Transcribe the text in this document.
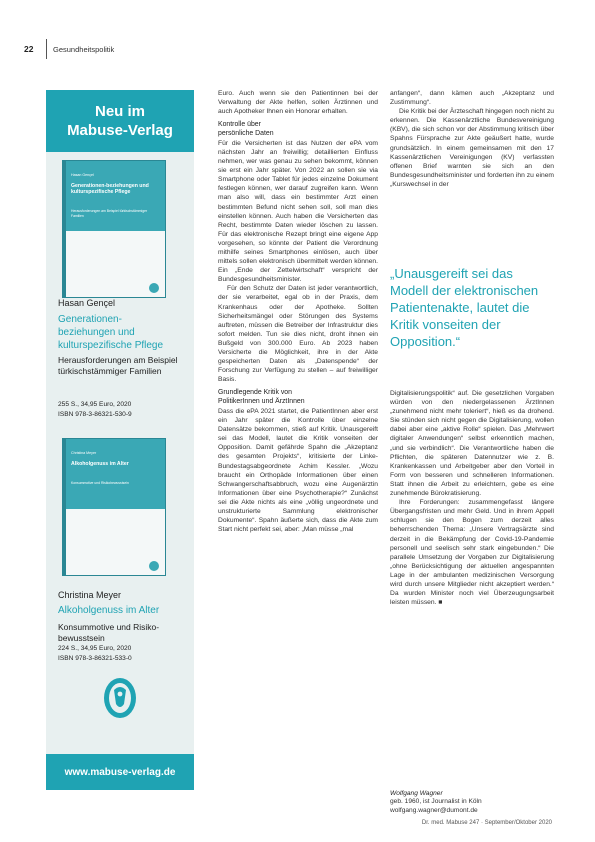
22	Gesundheitspolitik
Neu im
Mabuse-Verlag
Hasan Gençel
Generationen-beziehungen und kulturspezifische Pflege
Herausforderungen am Beispiel türkischstämmiger Familien
Hasan Gençel
Generationen-
beziehungen und
kulturspezifische Pflege
Herausforderungen am Beispiel türkischstämmiger Familien
255 S., 34,95 Euro, 2020
ISBN 978-3-86321-530-9
Christina Meyer
Alkoholgenuss im Alter
Konsummotive und Risikobewusstsein
Christina Meyer
Alkoholgenuss im Alter
Konsummotive und Risiko-bewusstsein
224 S., 34,95 Euro, 2020
ISBN 978-3-86321-533-0
www.mabuse-verlag.de

Euro. Auch wenn sie den Patientinnen bei der Verwaltung der Akte helfen, sollen Ärztinnen und auch Apotheker Ihnen ein Honorar erhalten.

Kontrolle über
persönliche Daten

Für die Versicherten ist das Nutzen der ePA vom nächsten Jahr an freiwillig; detaillierten Einfluss nehmen, wer was genau zu sehen bekommt, können sie erst ein Jahr später. Von 2022 an sollen sie via Smartphone oder Tablet für jedes einzelne Dokument festlegen können, wer darauf zugreifen kann. Wenn man also will, dass ein bestimmter Arzt einen bestimmten Befund nicht sehen soll, soll man dies einstellen können. Auch haben die Versicherten das Recht, bestimmte Daten wieder löschen zu lassen. Für das elektronische Rezept bringt eine eigene App vorgesehen, so könnte der Patient die Verordnung mithilfe seines Smartphones einlösen, auch über mittels sollen elektronisch übermittelt werden können. Ein „Ende der Zettelwirtschaft“ verspricht der Bundesgesundheitsminister.

Für den Schutz der Daten ist jeder verantwortlich, der sie verarbeitet, egal ob in der Praxis, dem Krankenhaus oder der Apotheke. Sollten Sicherheitsmängel oder Störungen des Systems auftreten, müssen die Betreiber der Infrastruktur dies sofort melden. Tun sie dies nicht, droht ihnen ein Bußgeld von 300.000 Euro. Ab 2023 haben Versicherte die Möglichkeit, ihre in der Akte gespeicherten Daten als „Datenspende“ der Forschung zur Verfügung zu stellen – auf freiwilliger Basis.

Grundlegende Kritik von
PolitikerInnen und ÄrztInnen

Dass die ePA 2021 startet, die PatientInnen aber erst ein Jahr später die Kontrolle über einzelne Datensätze bekommen, stieß auf Kritik. Unausgereift sei das Modell, lautet die Kritik vonseiten der Opposition. Damit gefährde Spahn die „Akzeptanz des gesamten Projekts“, kritisierte der Linke-Bundestagsabgeordnete Achim Kessler. „Wozu braucht ein Orthopäde Informationen über einen Schwangerschaftsabbruch, wozu eine Augenärztin Informationen über eine Psychotherapie?“ Zunächst sei die Akte nichts als eine „völlig ungeordnete und unstrukturierte Sammlung elektronischer Dokumente“. Spahn äußerte sich, dass die Akte zum Start nicht perfekt sei, aber: „Man müsse „mal

anfangen“, dann kämen auch „Akzeptanz und Zustimmung“.

Die Kritik bei der Ärzteschaft hingegen noch nicht zu erkennen. Die Kassenärztliche Bundesvereinigung (KBV), die sich schon vor der Abstimmung kritisch über Spahns Fürsprache zur Akte geäußert hatte, wurde grundsätzlich. In einem gemeinsamen mit den 17 Kassenärztlichen Vereinigungen (KV) verfassten offenen Brief warnten sie sich an den Bundesgesundheitsminister und forderten ihn zu einem „Kurswechsel in der

„Unausgereift sei das Modell der elektronischen Patientenakte, lautet die Kritik vonseiten der Opposition.“

Digitalisierungspolitik“ auf. Die gesetzlichen Vorgaben würden von den niedergelassenen ÄrztInnen „zunehmend nicht mehr toleriert“, hieß es da drohend. Sie stünden sich nicht gegen die Digitalisierung, wollen dabei aber eine „aktive Rolle“ spielen. Das „Mehrwert digitaler Anwendungen“ selbst erkenntlich machen, „und sie verbindlich“. Die Verantwortliche haben die Pflichten, die späteren Datennutzer wie z. B. Krankenkassen und Arbeitgeber aber den Vorteil in Form von besseren und schnelleren Informationen. Statt ihnen die Arbeit zu erleichtern, gebe es eine zunehmende Bürokratisierung.

Ihre Forderungen: zusammengefasst längere Übergangsfristen und mehr Geld. Und in ihrem Appell schlugen sie den Bogen zum derzeit alles beherrschenden Thema: „Unsere Vertragsärzte sind derzeit in die Bekämpfung der Covid-19-Pandemie personell und seelisch sehr stark eingebunden.“ Die parallele Umsetzung der Vorgaben zur Digitalisierung „ohne Berücksichtigung der aktuellen angespannten Lage in der ambulanten medizinischen Versorgung wird durch unsere Mitglieder nicht akzeptiert werden.“ Da wurden Minister noch viel Überzeugungsarbeit leisten müssen. ■

Wolfgang Wagner
geb. 1960, ist Journalist in Köln
wolfgang.wagner@dumont.de
Dr. med. Mabuse 247 · September/Oktober 2020
